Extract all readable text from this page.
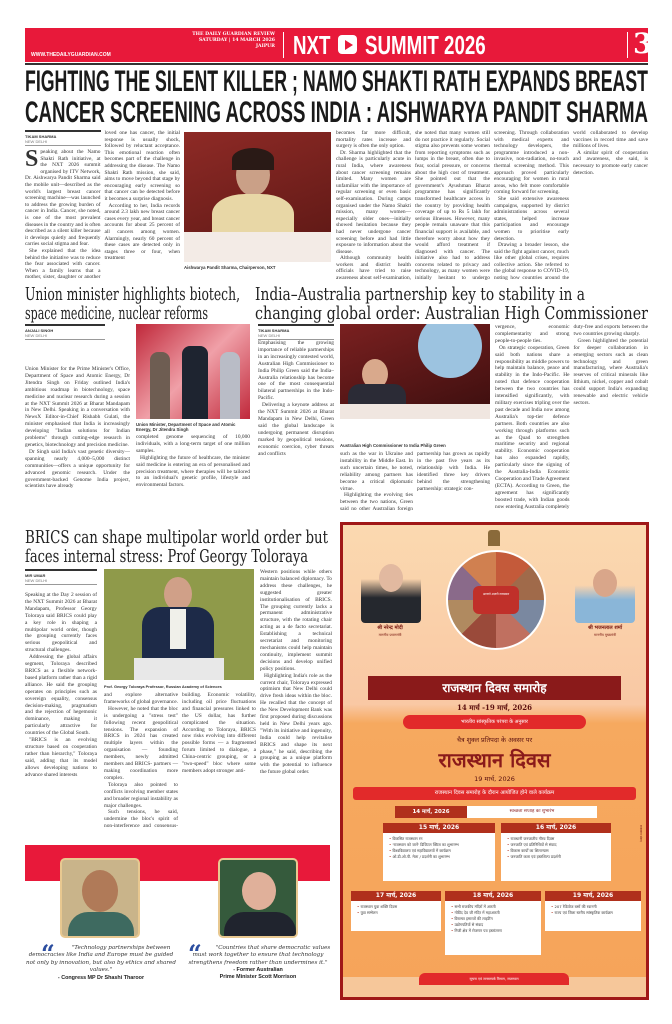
WWW.THEDAILYGUARDIAN.COM
THE DAILY GUARDIAN REVIEW
SATURDAY | 14 MARCH 2026
JAIPUR NXT SUMMIT 2026	3
FIGHTING THE SILENT KILLER ; NAMO SHAKTI RATH EXPANDS BREAST
CANCER SCREENING ACROSS INDIA : AISHWARYA PANDIT SHARMA
TIKAM SHARMA
NEW DELHI

Speaking about the Namo Shakti Rath initiative, at the NXT 2026 summit organised by ITV Network, Dr. Aishwarya Pandit Sharma said the mobile unit—described as the world's largest breast cancer screening machine—was launched to address the growing burden of cancer in India. Cancer, she noted, is one of the most prevalent diseases in the country and is often described as a silent killer because it develops quietly and frequently carries social stigma and fear.

She explained that the idea behind the initiative was to reduce the fear associated with cancer. When a family learns that a mother, sister, daughter or another loved one has cancer, the initial response is usually shock, followed by reluctant acceptance. This emotional reaction often becomes part of the challenge in addressing the disease. The Namo Shakti Rath mission, she said, aims to move beyond that stage by encouraging early screening so that cancer can be detected before it becomes a surprise diagnosis.

According to her, India records around 2.3 lakh new breast cancer cases every year, and breast cancer accounts for about 25 percent of all cancers among women. Alarmingly, nearly 60 percent of these cases are detected only in stages three or four, when treatment

Aishwarya Pandit Sharma, Chairperson, NXT

becomes far more difficult, mortality rates increase and surgery is often the only option.

Dr. Sharma highlighted that the challenge is particularly acute in rural India, where awareness about cancer screening remains limited. Many women are unfamiliar with the importance of regular screening or even basic self-examination. During camps organised under the Namo Shakti mission, many women—especially older ones—initially showed hesitation because they had never undergone cancer screening before and had little exposure to information about the disease.

Although community health workers and district health officials have tried to raise awareness about self-examination, she noted that many women still do not practice it regularly. Social stigma also prevents some women from reporting symptoms such as lumps in the breast, often due to fear, social pressure, or concerns about the high cost of treatment. She pointed out that the government's Ayushman Bharat programme has significantly transformed healthcare access in the country by providing health coverage of up to Rs 5 lakh for serious illnesses. However, many people remain unaware that this financial support is available, and therefore worry about how they would afford treatment if diagnosed with cancer. The initiative also had to address concerns related to privacy and technology, as many women were initially hesitant to undergo screening. Through collaboration with medical experts and technology developers, the programme introduced a non-invasive, non-radiation, no-touch thermal screening method. This approach proved particularly encouraging for women in rural areas, who felt more comfortable coming forward for screening.

She said extensive awareness campaigns, supported by district administrations across several states, helped increase participation and encourage women to prioritise early detection.

Drawing a broader lesson, she said the fight against cancer, much like other global crises, requires collective action. She referred to the global response to COVID-19, noting how countries around the world collaborated to develop vaccines in record time and save millions of lives.

A similar spirit of cooperation and awareness, she said, is necessary to promote early cancer detection.

Union minister highlights biotech,
space medicine, nuclear reforms
ANJALI SINGH
NEW DELHI

Union Minister for the Prime Minister's Office, Department of Space and Atomic Energy, Dr Jitendra Singh on Friday outlined India's ambitious roadmap in biotechnology, space medicine and nuclear research during a session at the NXT Summit 2026 at Bharat Mandapam in New Delhi. Speaking in a conversation with NewsX Editor-in-Chief Rishabh Gulati, the minister emphasised that India is increasingly developing "Indian solutions for Indian problems" through cutting-edge research in genetics, biotechnology and precision medicine.

Dr Singh said India's vast genetic diversity—spanning nearly 4,000–5,000 distinct communities—offers a unique opportunity for advanced genomic research. Under the government-backed Genome India project, scientists have already

Union Minister, Department of Space and Atomic Energy, Dr Jitendra Singh

completed genome sequencing of 10,000 individuals, with a long-term target of one million samples.

Highlighting the future of healthcare, the minister said medicine is entering an era of personalised and precision treatment, where therapies will be tailored to an individual's genetic profile, lifestyle and environmental factors.

India–Australia partnership key to stability in a
changing global order: Australian High Commissioner
TIKAM SHARMA
NEW DELHI

Emphasising the growing importance of reliable partnerships in an increasingly contested world, Australian High Commissioner to India Philip Green said the India–Australia relationship has become one of the most consequential bilateral partnerships in the Indo-Pacific.

Delivering a keynote address at the NXT Summit 2026 at Bharat Mandapam in New Delhi, Green said the global landscape is undergoing permanent disruption marked by geopolitical tensions, economic coercion, cyber threats and conflicts

Australian High Commissioner to India Philip Green

such as the war in Ukraine and instability in the Middle East. In such uncertain times, he noted, reliability among partners has become a critical diplomatic virtue.

Highlighting the evolving ties between the two nations, Green said no other Australian foreign partnership has grown as rapidly in the past five years as its relationship with India. He identified three key drivers behind the strengthening partnership: strategic con-

vergence, economic complementarity and strong people-to-people ties.

On strategic cooperation, Green said both nations share a responsibility as middle powers to help maintain balance, peace and stability in the Indo-Pacific. He noted that defence cooperation between the two countries has intensified significantly, with military exercises tripling over the past decade and India now among Australia's top-tier defence partners. Both countries are also working through platforms such as the Quad to strengthen maritime security and regional stability. Economic cooperation has also expanded rapidly, particularly since the signing of the Australia-India Economic Cooperation and Trade Agreement (ECTA). According to Green, the agreement has significantly boosted trade, with Indian goods now entering Australia completely duty-free and exports between the two countries growing sharply.

Green highlighted the potential for deeper collaboration in emerging sectors such as clean technology and green manufacturing, where Australia's reserves of critical minerals like lithium, nickel, copper and cobalt could support India's expanding renewable and electric vehicle sectors.

BRICS can shape multipolar world order but
faces internal stress: Prof Georgy Toloraya
MIR UMAR
NEW DELHI

Speaking at the Day 2 session of the NXT Summit 2026 at Bharat Mandapam, Professor Georgy Toloraya said BRICS could play a key role in shaping a multipolar world order, though the grouping currently faces serious geopolitical and structural challenges.

Addressing the global affairs segment, Toloraya described BRICS as a flexible network-based platform rather than a rigid alliance. He said the grouping operates on principles such as sovereign equality, consensus decision-making, pragmatism and the rejection of hegemonic dominance, making it particularly attractive for countries of the Global South.

"BRICS is an evolving structure based on cooperation rather than hierarchy," Toloraya said, adding that its model allows developing nations to advance shared interests

Prof. Georgy Toloraya Professor, Russian Academy of Sciences

and explore alternative frameworks of global governance.

However, he noted that the bloc is undergoing a "stress test" following recent geopolitical tensions. The expansion of BRICS in 2024 has created multiple layers within the organisation — founding members, newly admitted members and BRICS- partners — making coordination more complex.

Toloraya also pointed to conflicts involving member states and broader regional instability as major challenges.

Such tensions, he said, undermine the bloc's spirit of non-interference and consensus-building. Economic volatility, including oil price fluctuations and financial pressures linked to the US dollar, has further complicated the situation. According to Toloraya, BRICS now risks evolving into different possible forms — a fragmented forum limited to dialogue, a China-centric grouping, or a "two-speed" bloc where some members adopt stronger anti-

Western positions while others maintain balanced diplomacy. To address these challenges, he suggested greater institutionalisation of BRICS. The grouping currently lacks a permanent administrative structure, with the rotating chair acting as a de facto secretariat. Establishing a technical secretariat and monitoring mechanisms could help maintain continuity, implement summit decisions and develop unified policy positions.

Highlighting India's role as the current chair, Toloraya expressed optimism that New Delhi could drive fresh ideas within the bloc. He recalled that the concept of the New Development Bank was first proposed during discussions held in New Delhi years ago. "With its initiative and ingenuity, India could help revitalise BRICS and shape its next phase," he said, describing the grouping as a unique platform with the potential to influence the future global order.

“	"Technology partnerships between democracies like India and Europe must be guided not only by innovation, but also by ethics and shared values."
- Congress MP Dr Shashi Tharoor
“	"Countries that share democratic values must work together to ensure that technology strengthens freedom rather than undermines it."
- Former Australian
Prime Minister Scott Morrison
श्री नरेन्द्र मोदी
माननीय प्रधानमंत्री
श्री भजनलाल शर्मा
माननीय मुख्यमंत्री
आपणो अग्रणी राजस्थान
राजस्थान दिवस समारोह
14 मार्च -19 मार्च, 2026
भारतीय सांस्कृतिक परंपरा के अनुसार
चैत्र शुक्ल प्रतिपदा के अवसर पर
राजस्थान दिवस
19 मार्च, 2026
राजस्थान दिवस समारोह के दौरान आयोजित होने वाले कार्यक्रम
14 मार्च, 2026	स्वच्छता सप्ताह का शुभारंभ
15 मार्च, 2026
• विकसित राजस्थान रन
• 'राजस्थान को जानें' डिजिटल क्विज का शुभारम्भ
• विश्वविद्यालय एवं महाविद्यालयों में कार्यक्रम
• ओ.डी.ओ.पी. मेला / प्रदर्शनी का शुभारम्भ
16 मार्च, 2026
• राजधानी जनजातीय गौरव दिवस
• जनजाति एवं प्रतिनिधियों से संवाद
• विकास कार्यों का शिलान्यास
• जनजाति कला एवं हस्तशिल्प प्रदर्शनी
17 मार्च, 2026
• राजस्थान युवा शक्ति दिवस
• युवा सम्मेलन
18 मार्च, 2026
• सभी राजकीय मंदिरों में आरती
• गोविंद देव जी मंदिर में महाआरती
• विरासत इमारतों की लाइटिंग
• उद्योगपतियों से संवाद
• निजी क्षेत्र में रोजगार पत्र हस्तांतरण
19 मार्च, 2026
• 207 रेडियोज बसों की रवानगी
• राज्य एवं जिला स्तरीय सांस्कृतिक कार्यक्रम
राजस्थान संवाद
सूचना एवं जनसम्पर्क विभाग, राजस्थान
